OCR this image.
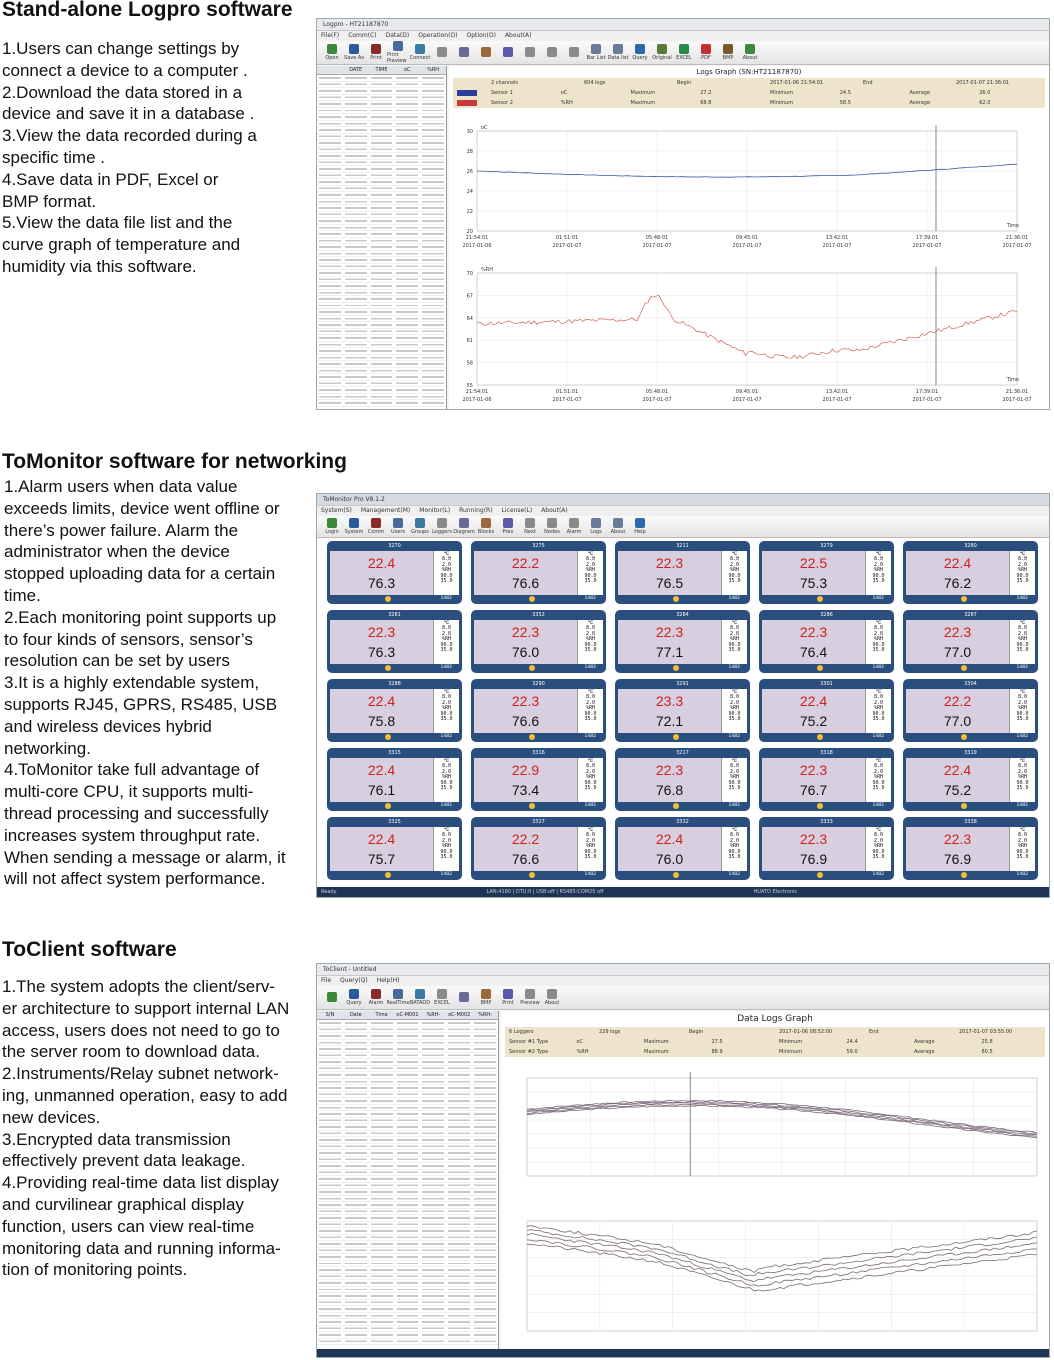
Stand-alone Logpro software

1.Users can change settings by

connect a device to a computer .

2.Download the data stored in a

device and save it in a database .

3.View the data recorded during a

specific time .

4.Save data in PDF, Excel or

BMP format.

5.View the data file list and the

curve graph of temperature and

humidity via this software.

Logpro - HT21187870
File(F) Comm(C) Data(D) Operation(O) Option(O) About(A)
Open Save As Print Print Preview Connect	Bar List Data list Query Original EXCEL PDF BMP About
DATE	TIME	oC	%RH	Logs Graph (SN:HT21187870)
2 channels	604 logs	Begin	2017-01-06 21:54:01	End	2017-01-07 21:36:01
Sensor 1	oC	Maximum	27.2	Minimum	24.5	Average	26.0
Sensor 2	%RH	Maximum	68.8	Minimum	58.5	Average	62.0
30
28
26
24
22
20
21:54:01
2017-01-06
01:51:01
2017-01-07
05:48:01
2017-01-07
09:45:01
2017-01-07
13:42:01
2017-01-07
17:39:01
2017-01-07
21:36:01
2017-01-07
oC
Time
70
67
64
61
58
55
21:54:01
2017-01-06
01:51:01
2017-01-07
05:48:01
2017-01-07
09:45:01
2017-01-07
13:42:01
2017-01-07
17:39:01
2017-01-07
21:36:01
2017-01-07
%RH
Time
ToMonitor software for networking

1.Alarm users when data value

exceeds limits, device went offline or

there’s power failure. Alarm the

administrator when the device

stopped uploading data for a certain

time.

2.Each monitoring point supports up

to four kinds of sensors, sensor’s

resolution can be set by users

3.It is a highly extendable system,

supports RJ45, GPRS, RS485, USB

and wireless devices hybrid

networking.

4.ToMonitor take full advantage of

multi-core CPU, it supports multi-

thread processing and successfully

increases system throughput rate.

When sending a message or alarm, it

will not affect system performance.

ToMonitor Pro V8.1.2
System(S) Management(M) Monitor(L) Running(R) License(L) About(A)
Login System Comm Users Groups Loggers Diagram Blocks Prev Next Nodes Alarm Logs About Help
3270
22.4
76.3
℃
8.0
2.0
%RH
90.0
35.0
1482
3275
22.2
76.6
℃
8.0
2.0
%RH
90.0
35.0
1482
3211
22.3
76.5
℃
8.0
2.0
%RH
90.0
35.0
1482
3279
22.5
75.3
℃
8.0
2.0
%RH
90.0
35.0
1482
3280
22.4
76.2
℃
8.0
2.0
%RH
90.0
35.0
1482
3281
22.3
76.3
℃
8.0
2.0
%RH
90.0
35.0
1482
3352
22.3
76.0
℃
8.0
2.0
%RH
90.0
35.0
1482
3284
22.3
77.1
℃
8.0
2.0
%RH
90.0
35.0
1482
3286
22.3
76.4
℃
8.0
2.0
%RH
90.0
35.0
1482
3287
22.3
77.0
℃
8.0
2.0
%RH
90.0
35.0
1482
3288
22.4
75.8
℃
8.0
2.0
%RH
90.0
35.0
1482
3290
22.3
76.6
℃
8.0
2.0
%RH
90.0
35.0
1482
3291
23.3
72.1
℃
8.0
2.0
%RH
90.0
35.0
1482
3301
22.4
75.2
℃
8.0
2.0
%RH
90.0
35.0
1482
3304
22.2
77.0
℃
8.0
2.0
%RH
90.0
35.0
1482
3315
22.4
76.1
℃
8.0
2.0
%RH
90.0
35.0
1482
3316
22.9
73.4
℃
8.0
2.0
%RH
90.0
35.0
1482
3217
22.3
76.8
℃
8.0
2.0
%RH
90.0
35.0
1482
3318
22.3
76.7
℃
8.0
2.0
%RH
90.0
35.0
1482
3319
22.4
75.2
℃
8.0
2.0
%RH
90.0
35.0
1482
3325
22.4
75.7
℃
8.0
2.0
%RH
90.0
35.0
1482
3327
22.2
76.6
℃
8.0
2.0
%RH
90.0
35.0
1482
3332
22.4
76.0
℃
8.0
2.0
%RH
90.0
35.0
1482
3333
22.3
76.9
℃
8.0
2.0
%RH
90.0
35.0
1482
3338
22.3
76.9
℃
8.0
2.0
%RH
90.0
35.0
1482
Ready	LAN:4180 | DTU:0 | USB:off | RS485:COM25 off	HUATO Electronic
ToClient software

1.The system adopts the client/serv-

er architecture to support internal LAN

access, users does not need to go to

the server room to download data.

2.Instruments/Relay subnet network-

ing, unmanned operation, easy to add

new devices.

3.Encrypted data transmission

effectively prevent data leakage.

4.Providing real-time data list display

and curvilinear graphical display

function, users can view real-time

monitoring data and running informa-

tion of monitoring points.

ToClient - Untitled
File Query(Q) Help(H)
Query Alarm RealTime BATADD EXCEL	BMP Print Preview About
S/N	Date	Time	oC-M001	%RH-	oC-M002	%RH-	Data Logs Graph
6 Loggers	229 logs	Begin	2017-01-06 08:52:00	End	2017-01-07 03:55:00
Sensor #1 Type	oC	Maximum	27.5	Minimum	24.4	Average	25.8
Sensor #2 Type	%RH	Maximum	88.9	Minimum	59.0	Average	80.5
